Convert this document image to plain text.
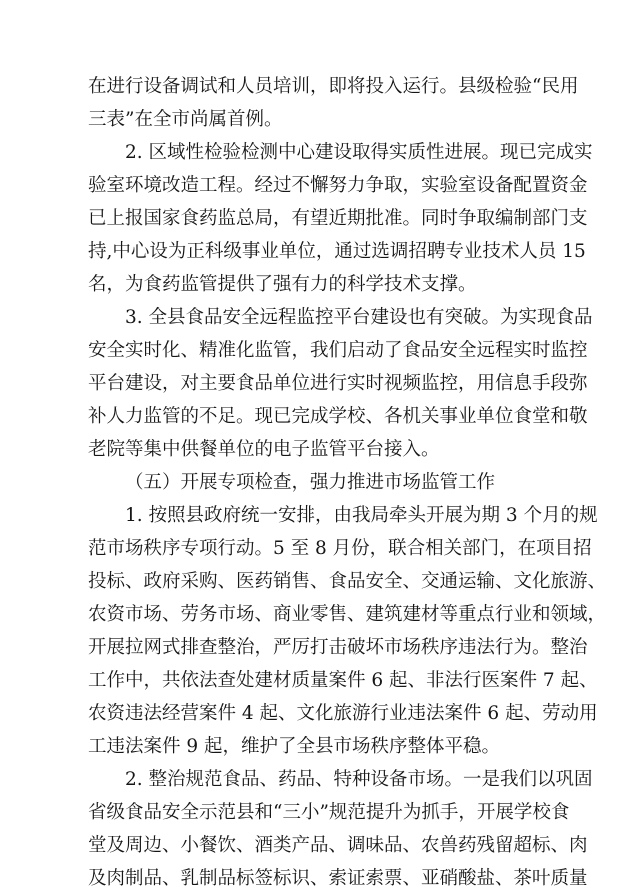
在进行设备调试和人员培训，即将投入运行。县级检验“民用
三表”在全市尚属首例。
2. 区域性检验检测中心建设取得实质性进展。现已完成实
验室环境改造工程。经过不懈努力争取，实验室设备配置资金
已上报国家食药监总局，有望近期批准。同时争取编制部门支
持,中心设为正科级事业单位，通过选调招聘专业技术人员 15
名，为食药监管提供了强有力的科学技术支撑。
3. 全县食品安全远程监控平台建设也有突破。为实现食品
安全实时化、精准化监管，我们启动了食品安全远程实时监控
平台建设，对主要食品单位进行实时视频监控，用信息手段弥
补人力监管的不足。现已完成学校、各机关事业单位食堂和敬
老院等集中供餐单位的电子监管平台接入。
（五）开展专项检查，强力推进市场监管工作
1. 按照县政府统一安排，由我局牵头开展为期 3 个月的规
范市场秩序专项行动。5 至 8 月份，联合相关部门，在项目招
投标、政府采购、医药销售、食品安全、交通运输、文化旅游、
农资市场、劳务市场、商业零售、建筑建材等重点行业和领域，
开展拉网式排查整治，严厉打击破坏市场秩序违法行为。整治
工作中，共依法查处建材质量案件 6 起、非法行医案件 7 起、
农资违法经营案件 4 起、文化旅游行业违法案件 6 起、劳动用
工违法案件 9 起，维护了全县市场秩序整体平稳。
2. 整治规范食品、药品、特种设备市场。一是我们以巩固
省级食品安全示范县和“三小”规范提升为抓手，开展学校食
堂及周边、小餐饮、酒类产品、调味品、农兽药残留超标、肉
及肉制品、乳制品标签标识、索证索票、亚硝酸盐、茶叶质量
